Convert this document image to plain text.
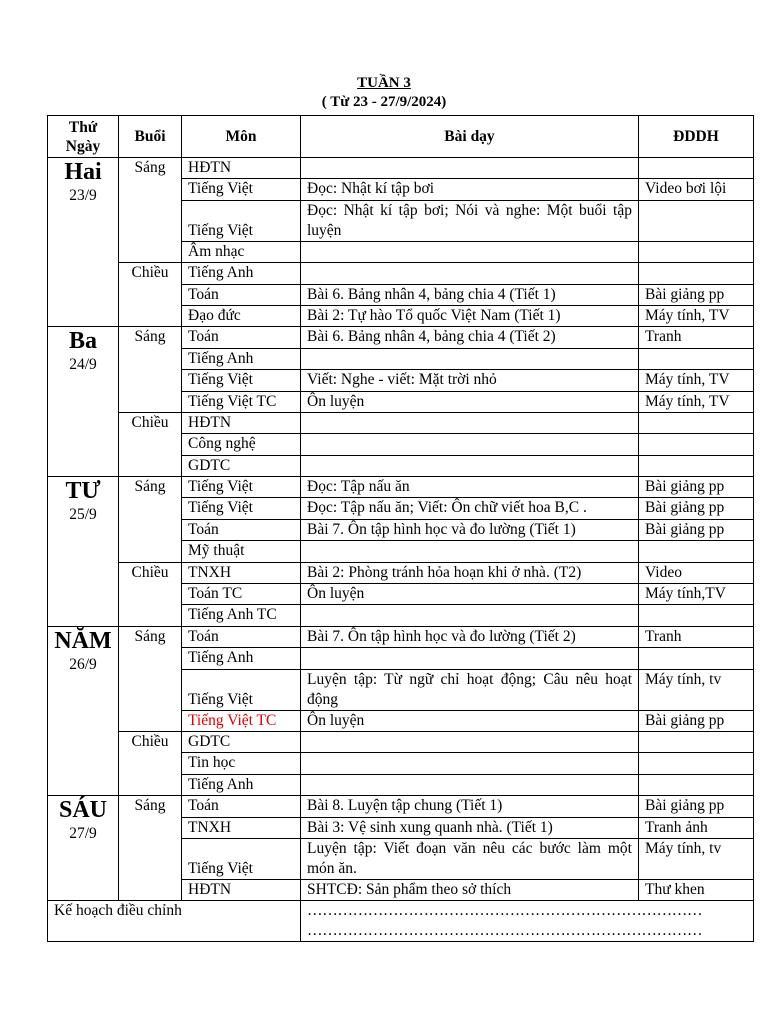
TUẦN 3
( Từ 23 - 27/9/2024)
Thứ Ngày	Buổi	Môn	Bài dạy	ĐDDH

Hai
23/9	Sáng	HĐTN		
		Tiếng Việt	Đọc: Nhật kí tập bơi	Video bơi lội
		Tiếng Việt	Đọc: Nhật kí tập bơi; Nói và nghe: Một buổi tập luyện	
		Âm nhạc		
	Chiều	Tiếng Anh		
		Toán	Bài 6. Bảng nhân 4, bảng chia 4 (Tiết 1)	Bài giảng pp
		Đạo đức	Bài 2: Tự hào Tổ quốc Việt Nam (Tiết 1)	Máy tính, TV

Ba
24/9	Sáng	Toán	Bài 6. Bảng nhân 4, bảng chia 4 (Tiết 2)	Tranh
		Tiếng Anh		
		Tiếng Việt	Viết: Nghe - viết: Mặt trời nhỏ	Máy tính, TV
		Tiếng Việt TC	Ôn luyện	Máy tính, TV
	Chiều	HĐTN		
		Công nghệ		
		GDTC		

TƯ
25/9	Sáng	Tiếng Việt	Đọc: Tập nấu ăn	Bài giảng pp
		Tiếng Việt	Đọc: Tập nấu ăn; Viết: Ôn chữ viết hoa B,C .	Bài giảng pp
		Toán	Bài 7. Ôn tập hình học và đo lường (Tiết 1)	Bài giảng pp
		Mỹ thuật		
	Chiều	TNXH	Bài 2: Phòng tránh hỏa hoạn khi ở nhà. (T2)	Video
		Toán TC	Ôn luyện	Máy tính,TV
		Tiếng Anh TC		

NĂM
26/9	Sáng	Toán	Bài 7. Ôn tập hình học và đo lường (Tiết 2)	Tranh
		Tiếng Anh		
		Tiếng Việt	Luyện tập: Từ ngữ chỉ hoạt động; Câu nêu hoạt động	Máy tính, tv
		Tiếng Việt TC	Ôn luyện	Bài giảng pp
	Chiều	GDTC		
		Tin học		
		Tiếng Anh		

SÁU
27/9	Sáng	Toán	Bài 8. Luyện tập chung (Tiết 1)	Bài giảng pp
		TNXH	Bài 3: Vệ sinh xung quanh nhà. (Tiết 1)	Tranh ảnh
		Tiếng Việt	Luyện tập: Viết đoạn văn nêu các bước làm một món ăn.	Máy tính, tv
		HĐTN	SHTCĐ: Sản phẩm theo sở thích	Thư khen
Kế hoạch điều chỉnh			……………………………………………………………………
……………………………………………………………………	
